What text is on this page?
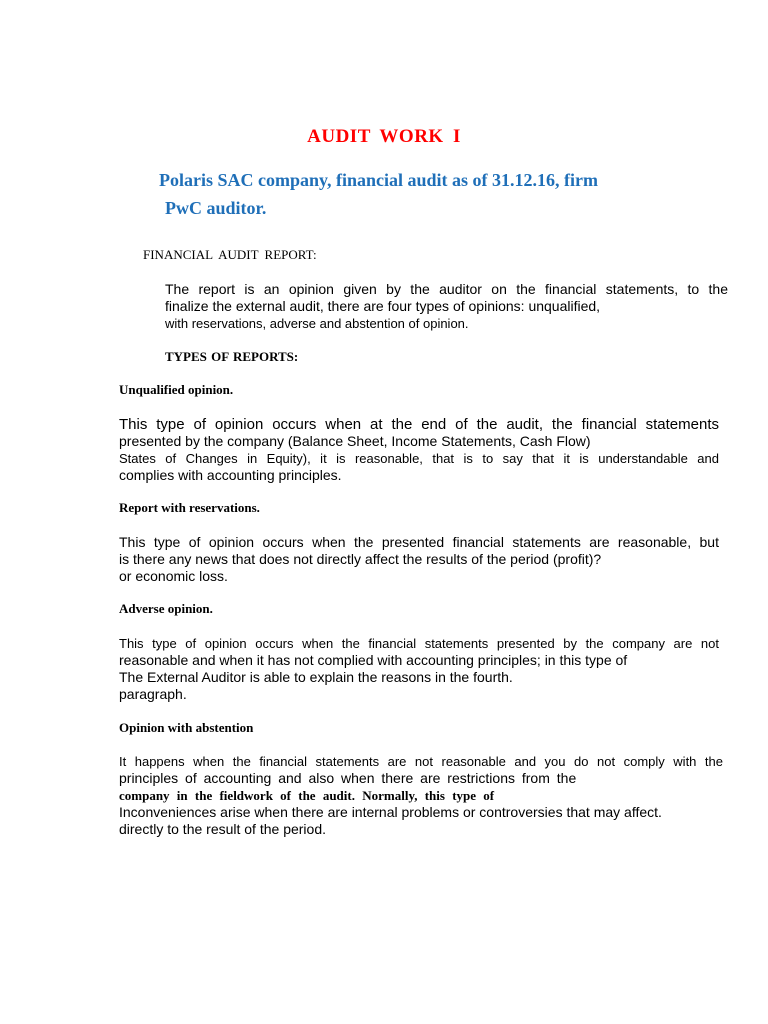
AUDIT WORK I
Polaris SAC company, financial audit as of 31.12.16, firm
PwC auditor.
FINANCIAL AUDIT REPORT:
The report is an opinion given by the auditor on the financial statements, to the
finalize the external audit, there are four types of opinions: unqualified,
with reservations, adverse and abstention of opinion.
TYPES OF REPORTS:
Unqualified opinion.
This type of opinion occurs when at the end of the audit, the financial statements
presented by the company (Balance Sheet, Income Statements, Cash Flow)
States of Changes in Equity), it is reasonable, that is to say that it is understandable and
complies with accounting principles.
Report with reservations.
This type of opinion occurs when the presented financial statements are reasonable, but
is there any news that does not directly affect the results of the period (profit)?
or economic loss.
Adverse opinion.
This type of opinion occurs when the financial statements presented by the company are not
reasonable and when it has not complied with accounting principles; in this type of
The External Auditor is able to explain the reasons in the fourth.
paragraph.
Opinion with abstention
It happens when the financial statements are not reasonable and you do not comply with the
principles of accounting and also when there are restrictions from the
company in the fieldwork of the audit. Normally, this type of
Inconveniences arise when there are internal problems or controversies that may affect.
directly to the result of the period.
